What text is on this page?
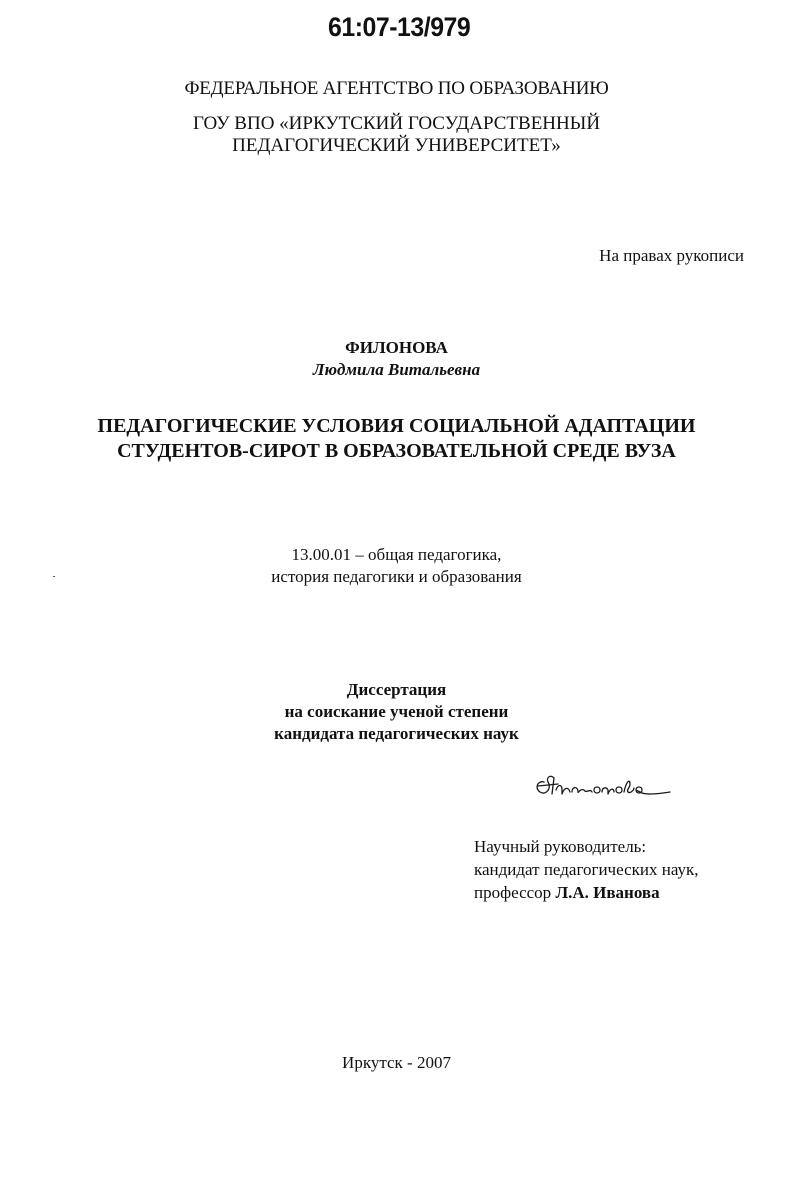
61:07-13/979
ФЕДЕРАЛЬНОЕ АГЕНТСТВО ПО ОБРАЗОВАНИЮ
ГОУ ВПО «ИРКУТСКИЙ ГОСУДАРСТВЕННЫЙ
ПЕДАГОГИЧЕСКИЙ УНИВЕРСИТЕТ»
На правах рукописи
ФИЛОНОВА
Людмила Витальевна
ПЕДАГОГИЧЕСКИЕ УСЛОВИЯ СОЦИАЛЬНОЙ АДАПТАЦИИ
СТУДЕНТОВ-СИРОТ В ОБРАЗОВАТЕЛЬНОЙ СРЕДЕ ВУЗА
13.00.01 – общая педагогика,
история педагогики и образования
Диссертация
на соискание ученой степени
кандидата педагогических наук
Научный руководитель:
кандидат педагогических наук,
профессор Л.А. Иванова
Иркутск - 2007
